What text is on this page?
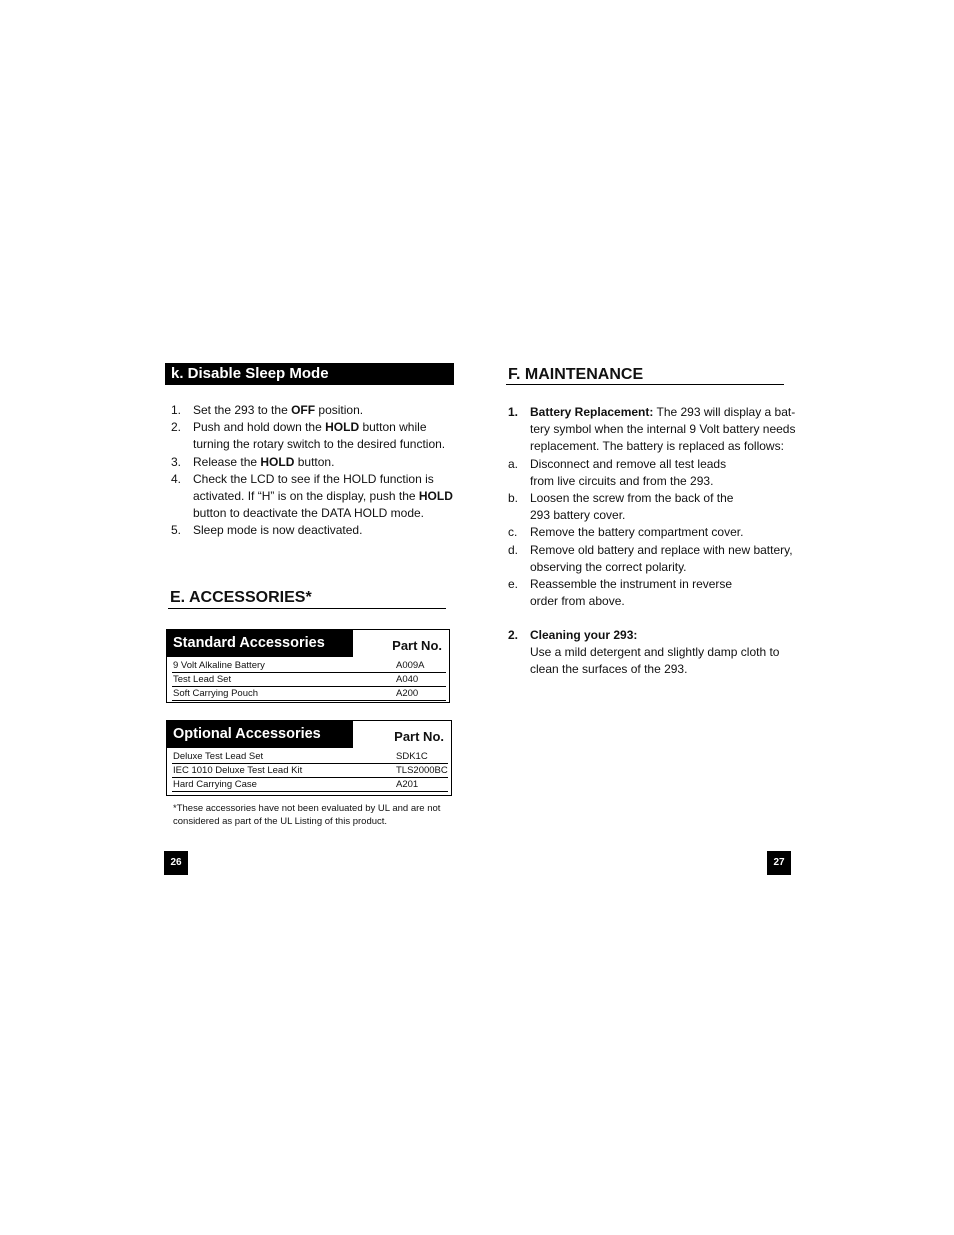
k. Disable Sleep Mode
1. Set the 293 to the OFF position.
2. Push and hold down the HOLD button while turning the rotary switch to the desired function.
3. Release the HOLD button.
4. Check the LCD to see if the HOLD function is activated. If “H” is on the display, push the HOLD button to deactivate the DATA HOLD mode.
5. Sleep mode is now deactivated.
E. ACCESSORIES*
Standard Accessories	Part No.
9 Volt Alkaline Battery	A009A
Test Lead Set	A040
Soft Carrying Pouch	A200
Optional Accessories	Part No.
Deluxe Test Lead Set	SDK1C
IEC 1010 Deluxe Test Lead Kit	TLS2000BC
Hard Carrying Case	A201
*These accessories have not been evaluated by UL and are not
considered as part of the UL Listing of this product.
26
F. MAINTENANCE
1. Battery Replacement: The 293 will display a bat-
tery symbol when the internal 9 Volt battery needs
replacement. The battery is replaced as follows:
a. Disconnect and remove all test leads
from live circuits and from the 293.
b. Loosen the screw from the back of the
293 battery cover.
c. Remove the battery compartment cover.
d. Remove old battery and replace with new battery,
observing the correct polarity.
e. Reassemble the instrument in reverse
order from above.
2. Cleaning your 293:
Use a mild detergent and slightly damp cloth to
clean the surfaces of the 293.
27
